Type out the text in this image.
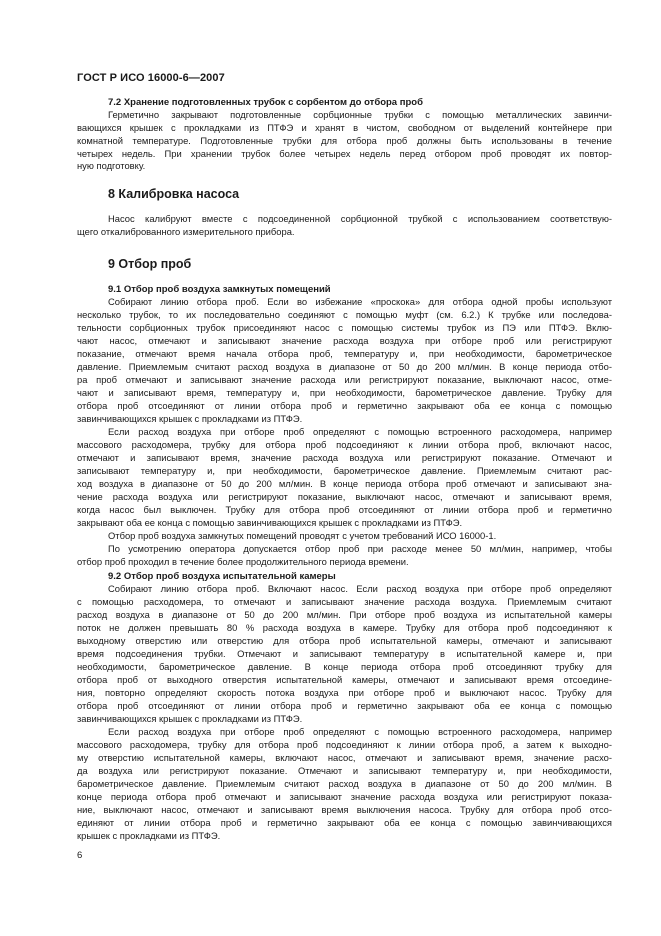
ГОСТ Р ИСО 16000-6—2007
7.2 Хранение подготовленных трубок с сорбентом до отбора проб
Герметично закрывают подготовленные сорбционные трубки с помощью металлических завинчи-
вающихся крышек с прокладками из ПТФЭ и хранят в чистом, свободном от выделений контейнере при
комнатной температуре. Подготовленные трубки для отбора проб должны быть использованы в течение
четырех недель. При хранении трубок более четырех недель перед отбором проб проводят их повтор-
ную подготовку.
8 Калибровка насоса
Насос калибруют вместе с подсоединенной сорбционной трубкой с использованием соответствую-
щего откалиброванного измерительного прибора.
9 Отбор проб
9.1 Отбор проб воздуха замкнутых помещений
Собирают линию отбора проб. Если во избежание «проскока» для отбора одной пробы используют
несколько трубок, то их последовательно соединяют с помощью муфт (см. 6.2.) К трубке или последова-
тельности сорбционных трубок присоединяют насос с помощью системы трубок из ПЭ или ПТФЭ. Вклю-
чают насос, отмечают и записывают значение расхода воздуха при отборе проб или регистрируют
показание, отмечают время начала отбора проб, температуру и, при необходимости, барометрическое
давление. Приемлемым считают расход воздуха в диапазоне от 50 до 200 мл/мин. В конце периода отбо-
ра проб отмечают и записывают значение расхода или регистрируют показание, выключают насос, отме-
чают и записывают время, температуру и, при необходимости, барометрическое давление. Трубку для
отбора проб отсоединяют от линии отбора проб и герметично закрывают оба ее конца с помощью
завинчивающихся крышек с прокладками из ПТФЭ.
Если расход воздуха при отборе проб определяют с помощью встроенного расходомера, например
массового расходомера, трубку для отбора проб подсоединяют к линии отбора проб, включают насос,
отмечают и записывают время, значение расхода воздуха или регистрируют показание. Отмечают и
записывают температуру и, при необходимости, барометрическое давление. Приемлемым считают рас-
ход воздуха в диапазоне от 50 до 200 мл/мин. В конце периода отбора проб отмечают и записывают зна-
чение расхода воздуха или регистрируют показание, выключают насос, отмечают и записывают время,
когда насос был выключен. Трубку для отбора проб отсоединяют от линии отбора проб и герметично
закрывают оба ее конца с помощью завинчивающихся крышек с прокладками из ПТФЭ.
Отбор проб воздуха замкнутых помещений проводят с учетом требований ИСО 16000-1.
По усмотрению оператора допускается отбор проб при расходе менее 50 мл/мин, например, чтобы
отбор проб проходил в течение более продолжительного периода времени.
9.2 Отбор проб воздуха испытательной камеры
Собирают линию отбора проб. Включают насос. Если расход воздуха при отборе проб определяют
с помощью расходомера, то отмечают и записывают значение расхода воздуха. Приемлемым считают
расход воздуха в диапазоне от 50 до 200 мл/мин. При отборе проб воздуха из испытательной камеры
поток не должен превышать 80 % расхода воздуха в камере. Трубку для отбора проб подсоединяют к
выходному отверстию или отверстию для отбора проб испытательной камеры, отмечают и записывают
время подсоединения трубки. Отмечают и записывают температуру в испытательной камере и, при
необходимости, барометрическое давление. В конце периода отбора проб отсоединяют трубку для
отбора проб от выходного отверстия испытательной камеры, отмечают и записывают время отсоедине-
ния, повторно определяют скорость потока воздуха при отборе проб и выключают насос. Трубку для
отбора проб отсоединяют от линии отбора проб и герметично закрывают оба ее конца с помощью
завинчивающихся крышек с прокладками из ПТФЭ.
Если расход воздуха при отборе проб определяют с помощью встроенного расходомера, например
массового расходомера, трубку для отбора проб подсоединяют к линии отбора проб, а затем к выходно-
му отверстию испытательной камеры, включают насос, отмечают и записывают время, значение расхо-
да воздуха или регистрируют показание. Отмечают и записывают температуру и, при необходимости,
барометрическое давление. Приемлемым считают расход воздуха в диапазоне от 50 до 200 мл/мин. В
конце периода отбора проб отмечают и записывают значение расхода воздуха или регистрируют показа-
ние, выключают насос, отмечают и записывают время выключения насоса. Трубку для отбора проб отсо-
единяют от линии отбора проб и герметично закрывают оба ее конца с помощью завинчивающихся
крышек с прокладками из ПТФЭ.
6
